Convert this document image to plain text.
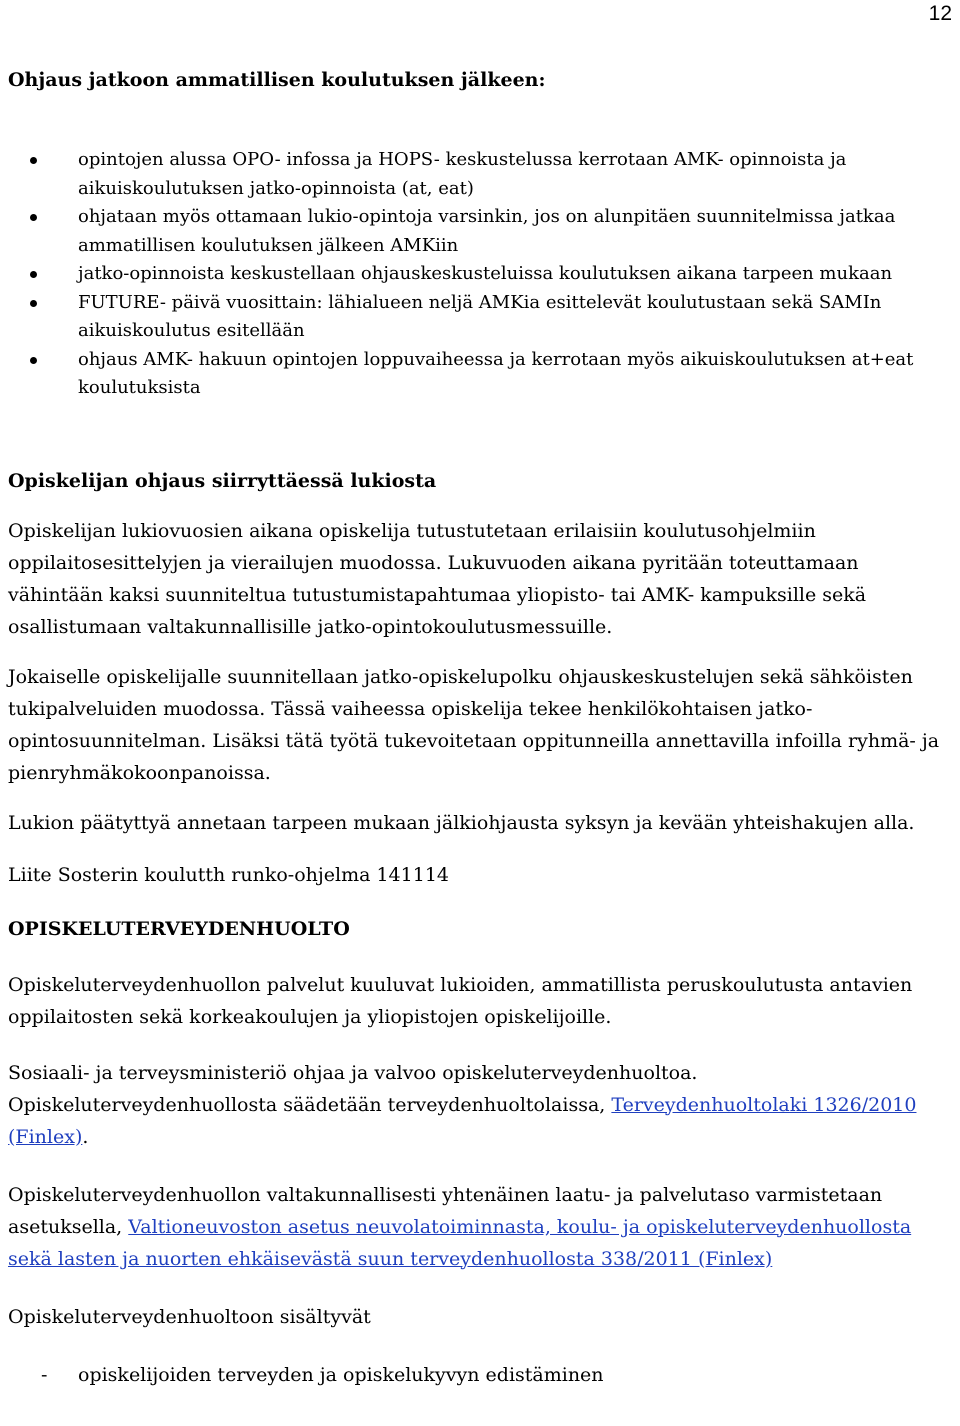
12
Ohjaus jatkoon ammatillisen koulutuksen jälkeen:
opintojen alussa OPO- infossa ja HOPS- keskustelussa kerrotaan AMK- opinnoista ja aikuiskoulutuksen jatko-opinnoista (at, eat)
ohjataan myös ottamaan lukio-opintoja varsinkin, jos on alunpitäen suunnitelmissa jatkaa ammatillisen koulutuksen jälkeen AMKiin
jatko-opinnoista keskustellaan ohjauskeskusteluissa koulutuksen aikana tarpeen mukaan
FUTURE- päivä vuosittain: lähialueen neljä AMKia esittelevät koulutustaan sekä SAMIn aikuiskoulutus esitellään
ohjaus AMK- hakuun opintojen loppuvaiheessa ja kerrotaan myös aikuiskoulutuksen at+eat koulutuksista
Opiskelijan ohjaus siirryttäessä lukiosta

Opiskelijan lukiovuosien aikana opiskelija tutustutetaan erilaisiin koulutusohjelmiin oppilaitosesittelyjen ja vierailujen muodossa. Lukuvuoden aikana pyritään toteuttamaan vähintään kaksi suunniteltua tutustumistapahtumaa yliopisto- tai AMK- kampuksille sekä osallistumaan valtakunnallisille jatko-opintokoulutusmessuille.

Jokaiselle opiskelijalle suunnitellaan jatko-opiskelupolku ohjauskeskustelujen sekä sähköisten tukipalveluiden muodossa. Tässä vaiheessa opiskelija tekee henkilökohtaisen jatko-opintosuunnitelman. Lisäksi tätä työtä tukevoitetaan oppitunneilla annettavilla infoilla ryhmä- ja pienryhmäkokoonpanoissa.

Lukion päätyttyä annetaan tarpeen mukaan jälkiohjausta syksyn ja kevään yhteishakujen alla.

Liite Sosterin koulutth runko-ohjelma 141114

OPISKELUTERVEYDENHUOLTO

Opiskeluterveydenhuollon palvelut kuuluvat lukioiden, ammatillista peruskoulutusta antavien oppilaitosten sekä korkeakoulujen ja yliopistojen opiskelijoille.

Sosiaali- ja terveysministeriö ohjaa ja valvoo opiskeluterveydenhuoltoa.
Opiskeluterveydenhuollosta säädetään terveydenhuoltolaissa, Terveydenhuoltolaki 1326/2010 (Finlex).

Opiskeluterveydenhuollon valtakunnallisesti yhtenäinen laatu- ja palvelutaso varmistetaan asetuksella, Valtioneuvoston asetus neuvolatoiminnasta, koulu- ja opiskeluterveydenhuollosta sekä lasten ja nuorten ehkäisevästä suun terveydenhuollosta 338/2011 (Finlex)

Opiskeluterveydenhuoltoon sisältyvät

- opiskelijoiden terveyden ja opiskelukyvyn edistäminen
